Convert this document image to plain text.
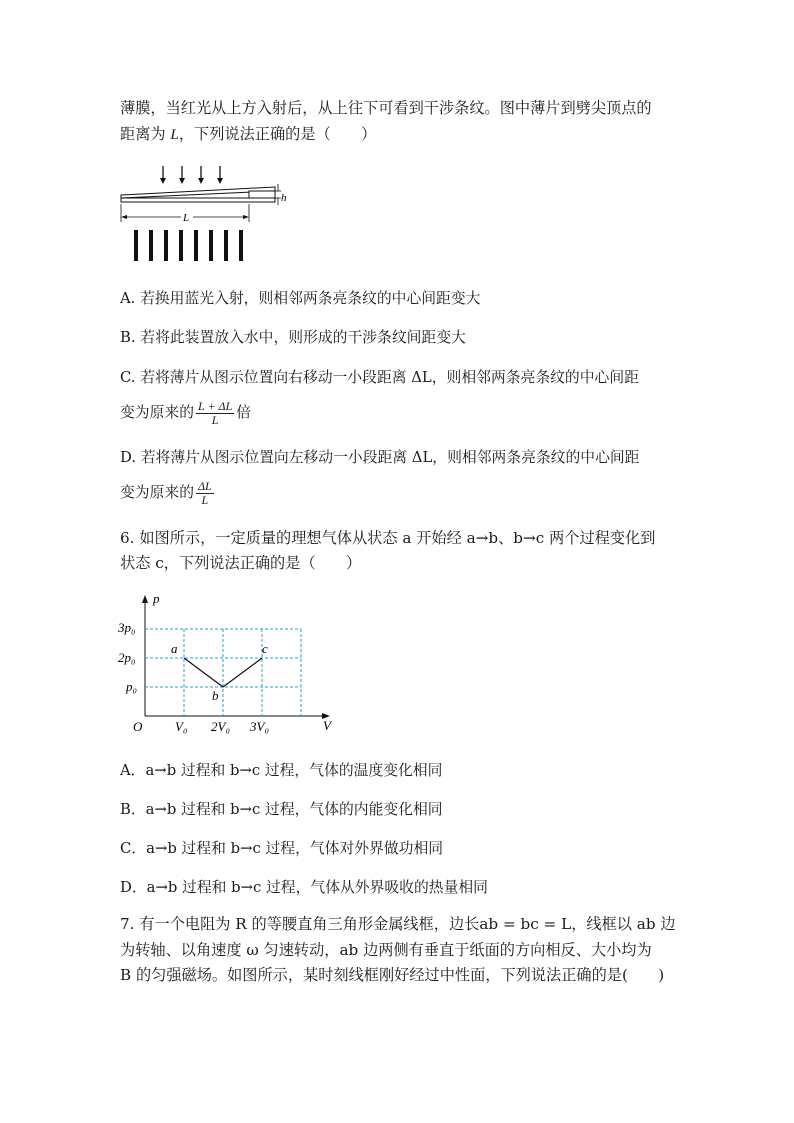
薄膜，当红光从上方入射后，从上往下可看到干涉条纹。图中薄片到劈尖顶点的
距离为 L，下列说法正确的是（　　）
h
L
A. 若换用蓝光入射，则相邻两条亮条纹的中心间距变大
B. 若将此装置放入水中，则形成的干涉条纹间距变大
C. 若将薄片从图示位置向右移动一小段距离 ΔL，则相邻两条亮条纹的中心间距
变为原来的 $\frac{L + \Delta L}{L}$ 倍
D. 若将薄片从图示位置向左移动一小段距离 ΔL，则相邻两条亮条纹的中心间距
变为原来的 $\frac{\Delta L}{L}$
6. 如图所示，一定质量的理想气体从状态 a 开始经 a→b、b→c 两个过程变化到
状态 c，下列说法正确的是（　　）
p
V
O
3p₀
2p₀
p₀
V₀ 2V₀ 3V₀
a
b
c
A．a→b 过程和 b→c 过程，气体的温度变化相同
B．a→b 过程和 b→c 过程，气体的内能变化相同
C．a→b 过程和 b→c 过程，气体对外界做功相同
D．a→b 过程和 b→c 过程，气体从外界吸收的热量相同
7. 有一个电阻为 R 的等腰直角三角形金属线框，边长ab = bc = L，线框以 ab 边
为转轴、以角速度 ω 匀速转动，ab 边两侧有垂直于纸面的方向相反、大小均为
B 的匀强磁场。如图所示，某时刻线框刚好经过中性面，下列说法正确的是(　　)
